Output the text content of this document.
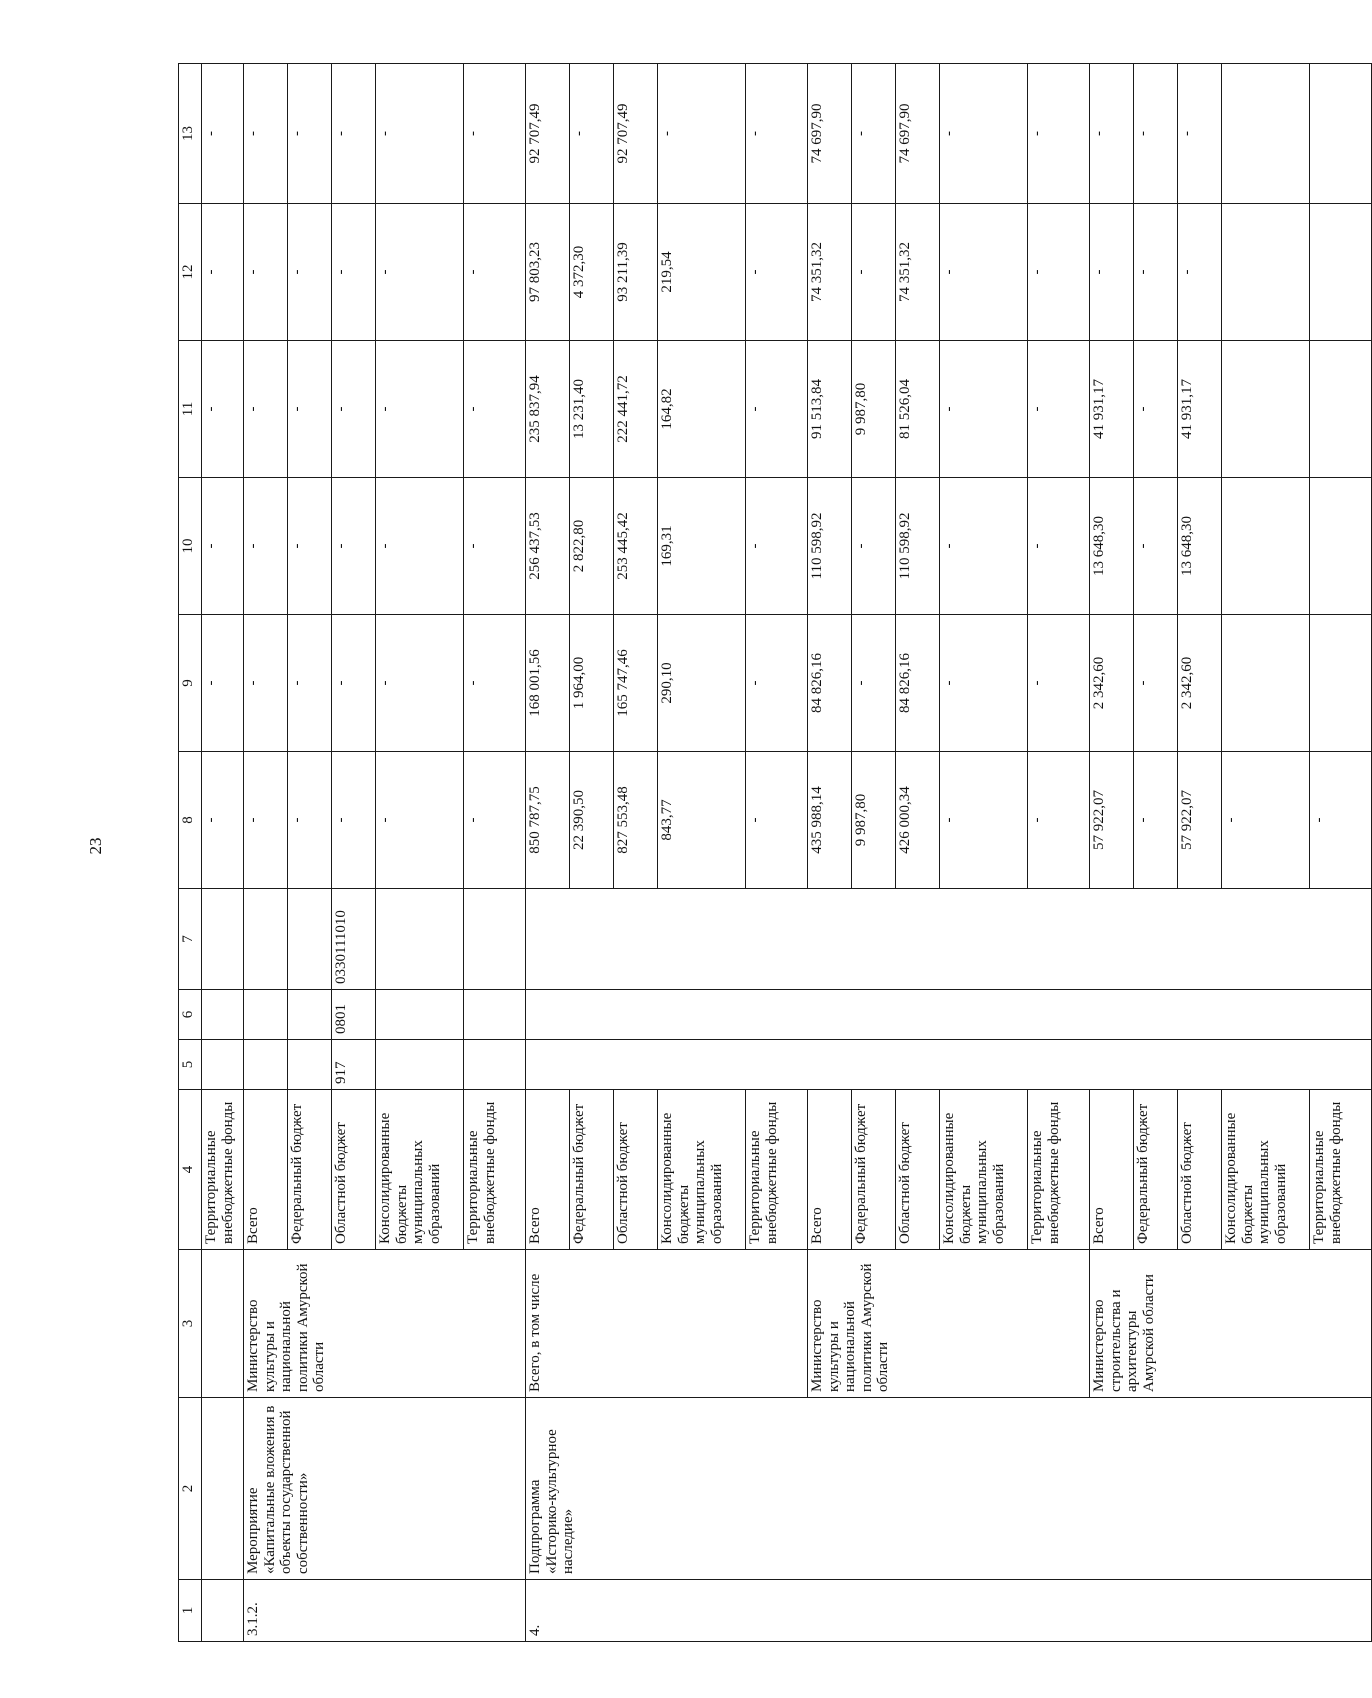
23
1	2	3	4	5	6	7	8	9	10	11	12	13
			Территориальные внебюджетные фонды				-	-	-	-	-	-

3.1.2.	Мероприятие «Капитальные вложения в объекты государственной собственности»	Министерство культуры и национальной политики Амурской области	Всего				-	-	-	-	-	-

			Федеральный бюджет				-	-	-	-	-	-

			Областной бюджет	917	0801	0330111010	-	-	-	-	-	-

			Консолидированные бюджеты муниципальных образований				-	-	-	-	-	-

			Территориальные внебюджетные фонды				-	-	-	-	-	-

4.	Подпрограмма «Историко-культурное наследие»	Всего, в том числе	Всего				850 787,75	168 001,56	256 437,53	235 837,94	97 803,23	92 707,49

			Федеральный бюджет				22 390,50	1 964,00	2 822,80	13 231,40	4 372,30	-

			Областной бюджет				827 553,48	165 747,46	253 445,42	222 441,72	93 211,39	92 707,49

			Консолидированные бюджеты муниципальных образований				843,77	290,10	169,31	164,82	219,54	-

			Территориальные внебюджетные фонды				-	-	-	-	-	-

		Министерство культуры и национальной политики Амурской области	Всего				435 988,14	84 826,16	110 598,92	91 513,84	74 351,32	74 697,90

			Федеральный бюджет				9 987,80	-	-	9 987,80	-	-

			Областной бюджет				426 000,34	84 826,16	110 598,92	81 526,04	74 351,32	74 697,90

			Консолидированные бюджеты муниципальных образований				-	-	-	-	-	-

			Территориальные внебюджетные фонды				-	-	-	-	-	-

		Министерство строительства и архитектуры Амурской области	Всего				57 922,07	2 342,60	13 648,30	41 931,17	-	-

			Федеральный бюджет				-	-	-	-	-	-

			Областной бюджет				57 922,07	2 342,60	13 648,30	41 931,17	-	-

			Консолидированные бюджеты муниципальных образований				-					

			Территориальные внебюджетные фонды				-					
